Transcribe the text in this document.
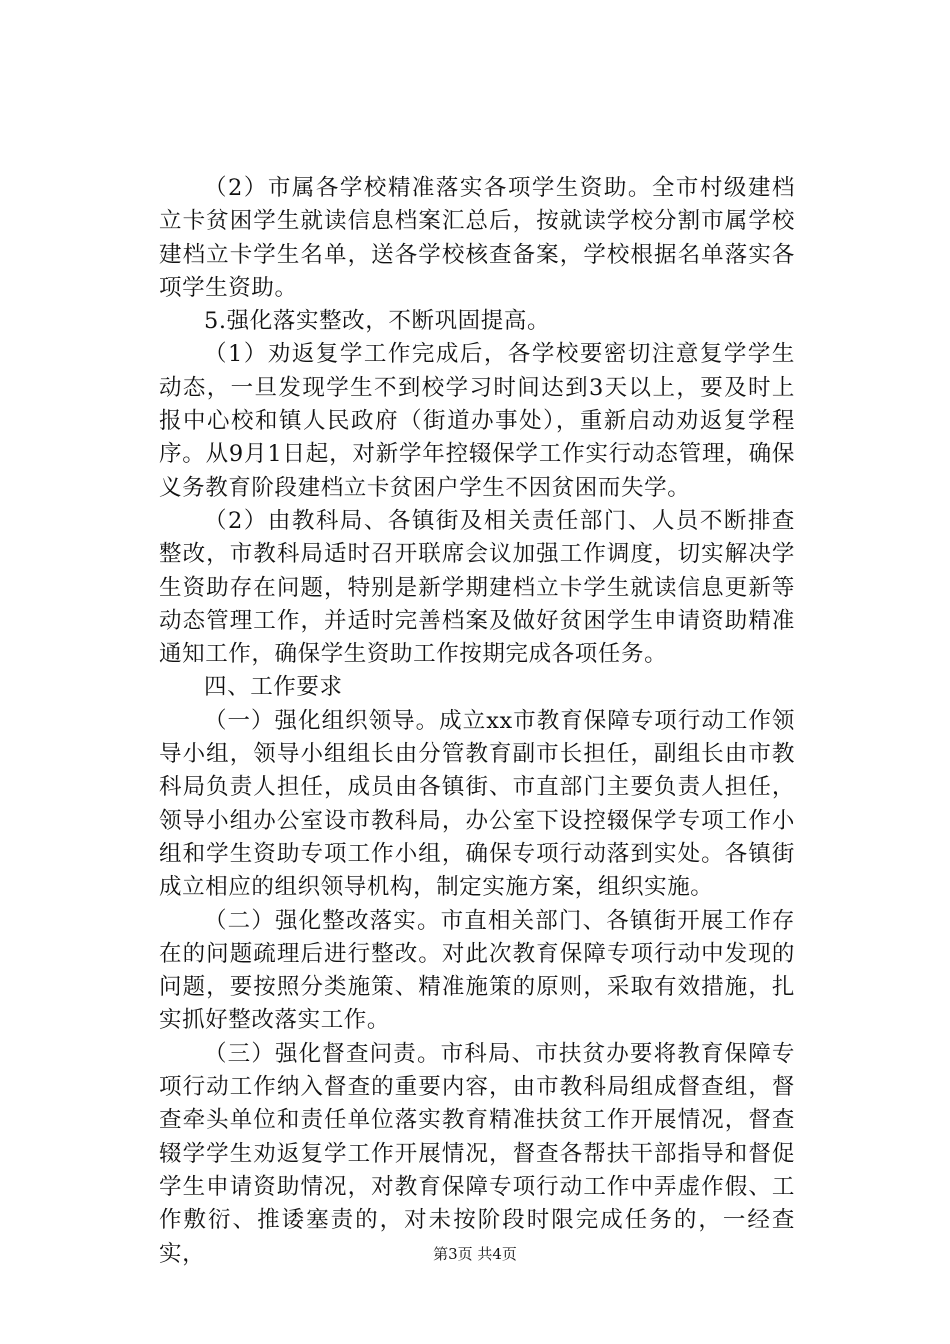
（2）市属各学校精准落实各项学生资助。全市村级建档立卡贫困学生就读信息档案汇总后，按就读学校分割市属学校建档立卡学生名单，送各学校核查备案，学校根据名单落实各项学生资助。

5.强化落实整改，不断巩固提高。

（1）劝返复学工作完成后，各学校要密切注意复学学生动态，一旦发现学生不到校学习时间达到3天以上，要及时上报中心校和镇人民政府（街道办事处），重新启动劝返复学程序。从9月1日起，对新学年控辍保学工作实行动态管理，确保义务教育阶段建档立卡贫困户学生不因贫困而失学。

（2）由教科局、各镇街及相关责任部门、人员不断排查整改，市教科局适时召开联席会议加强工作调度，切实解决学生资助存在问题，特别是新学期建档立卡学生就读信息更新等动态管理工作，并适时完善档案及做好贫困学生申请资助精准通知工作，确保学生资助工作按期完成各项任务。

四、工作要求

（一）强化组织领导。成立xx市教育保障专项行动工作领导小组，领导小组组长由分管教育副市长担任，副组长由市教科局负责人担任，成员由各镇街、市直部门主要负责人担任，领导小组办公室设市教科局，办公室下设控辍保学专项工作小组和学生资助专项工作小组，确保专项行动落到实处。各镇街成立相应的组织领导机构，制定实施方案，组织实施。

（二）强化整改落实。市直相关部门、各镇街开展工作存在的问题疏理后进行整改。对此次教育保障专项行动中发现的问题，要按照分类施策、精准施策的原则，采取有效措施，扎实抓好整改落实工作。

（三）强化督查问责。市科局、市扶贫办要将教育保障专项行动工作纳入督查的重要内容，由市教科局组成督查组，督查牵头单位和责任单位落实教育精准扶贫工作开展情况，督查辍学学生劝返复学工作开展情况，督查各帮扶干部指导和督促学生申请资助情况，对教育保障专项行动工作中弄虚作假、工作敷衍、推诿塞责的，对未按阶段时限完成任务的，一经查实，	第3页 共4页
